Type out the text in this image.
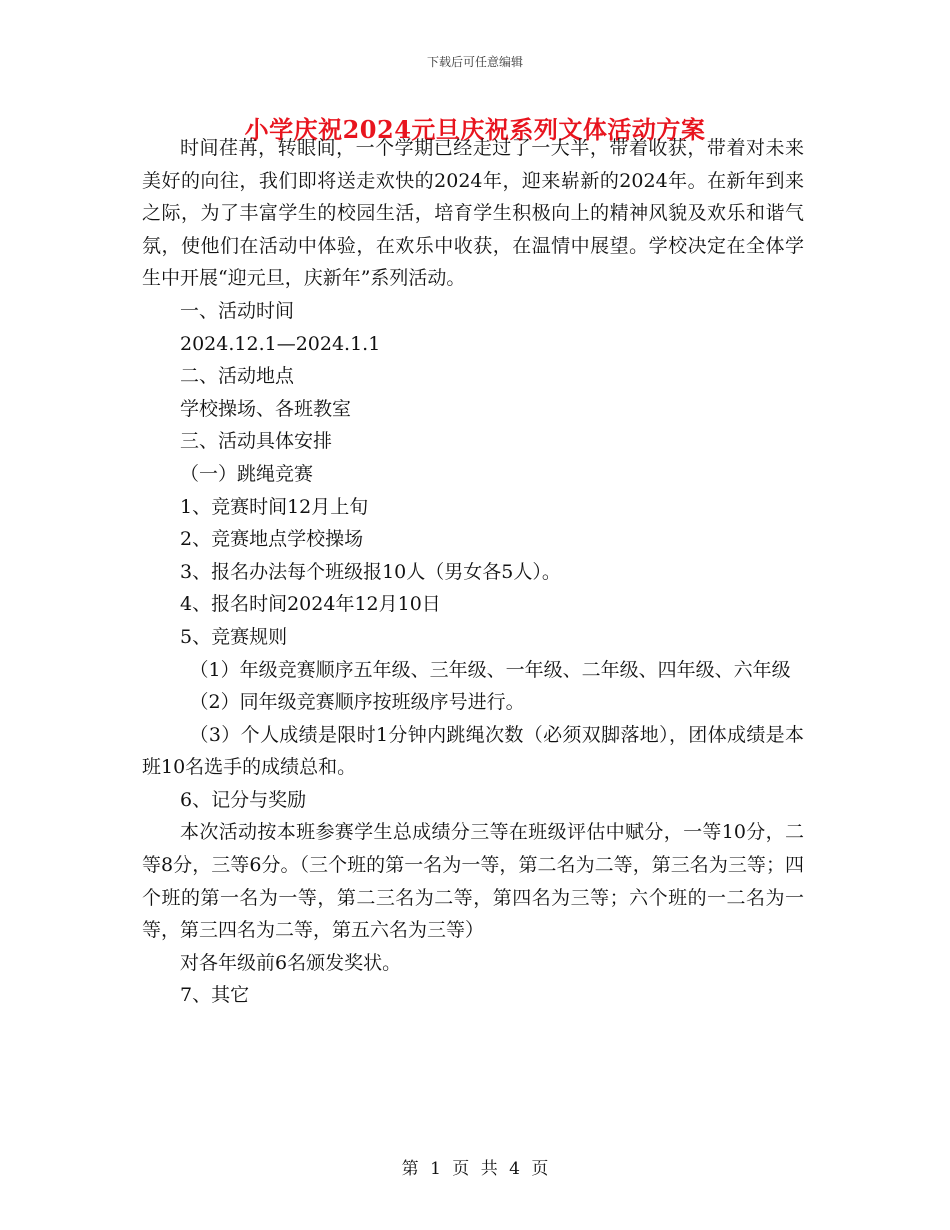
下载后可任意编辑
小学庆祝2024元旦庆祝系列文体活动方案

时间荏苒，转眼间，一个学期已经走过了一大半，带着收获，带着对未来美好的向往，我们即将送走欢快的2024年，迎来崭新的2024年。在新年到来之际，为了丰富学生的校园生活，培育学生积极向上的精神风貌及欢乐和谐气氛，使他们在活动中体验，在欢乐中收获，在温情中展望。学校决定在全体学生中开展“迎元旦，庆新年”系列活动。

一、活动时间

2024.12.1—2024.1.1

二、活动地点

学校操场、各班教室

三、活动具体安排

（一）跳绳竞赛

1、竞赛时间12月上旬

2、竞赛地点学校操场

3、报名办法每个班级报10人（男女各5人）。

4、报名时间2024年12月10日

5、竞赛规则

（1）年级竞赛顺序五年级、三年级、一年级、二年级、四年级、六年级

（2）同年级竞赛顺序按班级序号进行。

（3）个人成绩是限时1分钟内跳绳次数（必须双脚落地），团体成绩是本班10名选手的成绩总和。

6、记分与奖励

本次活动按本班参赛学生总成绩分三等在班级评估中赋分，一等10分，二等8分，三等6分。（三个班的第一名为一等，第二名为二等，第三名为三等；四个班的第一名为一等，第二三名为二等，第四名为三等；六个班的一二名为一等，第三四名为二等，第五六名为三等）

对各年级前6名颁发奖状。

7、其它

第 1 页 共 4 页
